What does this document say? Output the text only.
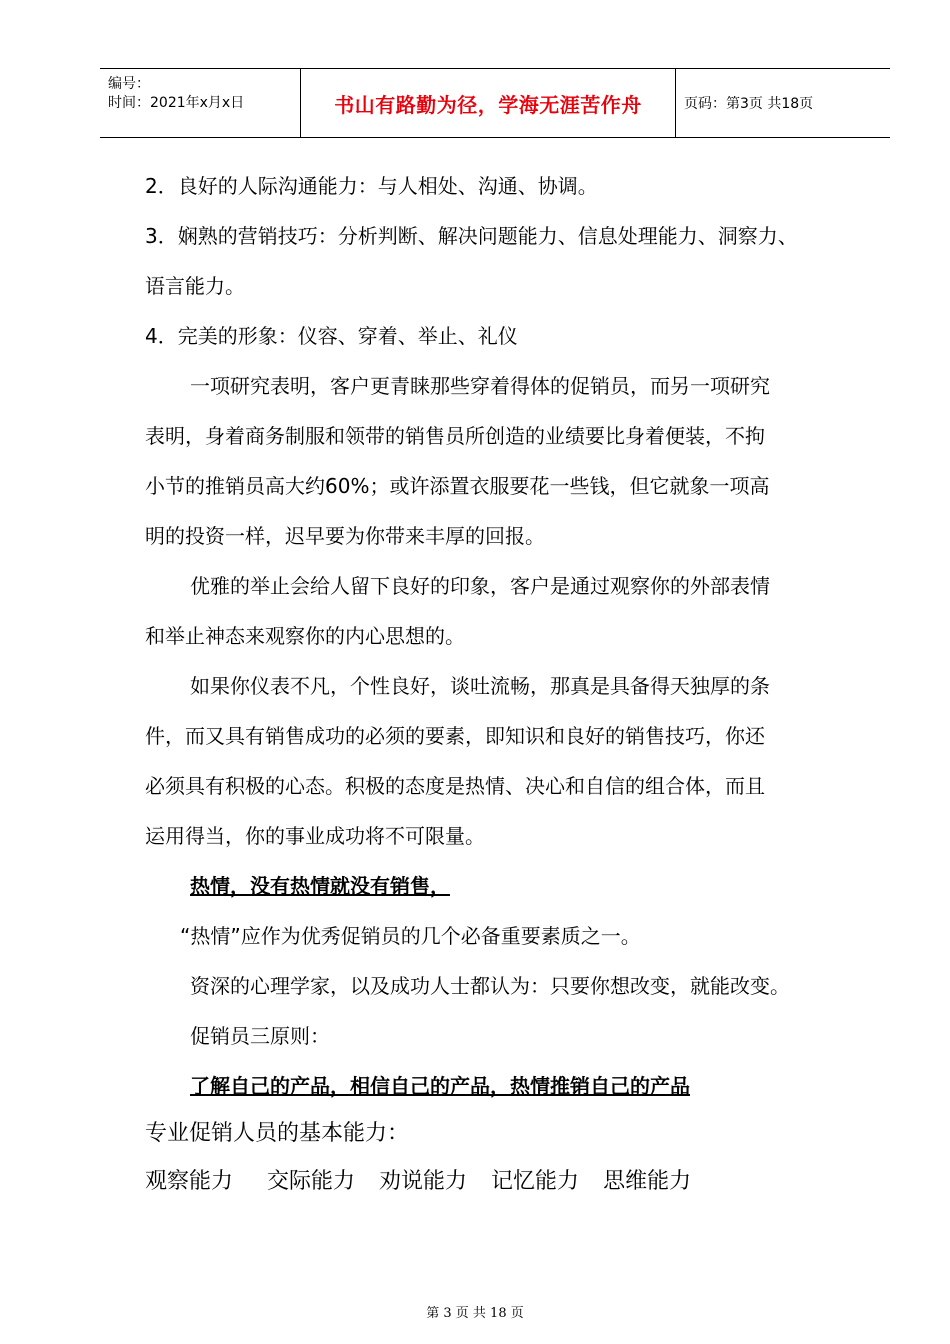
编号：
时间：2021年x月x日	书山有路勤为径，学海无涯苦作舟	页码：第3页 共18页
2．良好的人际沟通能力：与人相处、沟通、协调。
3．娴熟的营销技巧：分析判断、解决问题能力、信息处理能力、洞察力、
语言能力。
4．完美的形象：仪容、穿着、举止、礼仪
一项研究表明，客户更青睐那些穿着得体的促销员，而另一项研究
表明，身着商务制服和领带的销售员所创造的业绩要比身着便装，不拘
小节的推销员高大约60%；或许添置衣服要花一些钱，但它就象一项高
明的投资一样，迟早要为你带来丰厚的回报。
优雅的举止会给人留下良好的印象，客户是通过观察你的外部表情
和举止神态来观察你的内心思想的。
如果你仪表不凡，个性良好，谈吐流畅，那真是具备得天独厚的条
件，而又具有销售成功的必须的要素，即知识和良好的销售技巧，你还
必须具有积极的心态。积极的态度是热情、决心和自信的组合体，而且
运用得当，你的事业成功将不可限量。
热情，没有热情就没有销售，
“热情”应作为优秀促销员的几个必备重要素质之一。
资深的心理学家，以及成功人士都认为：只要你想改变，就能改变。
促销员三原则：
了解自己的产品，相信自己的产品，热情推销自己的产品
专业促销人员的基本能力：
观察能力 交际能力 劝说能力 记忆能力 思维能力
第 3 页 共 18 页
